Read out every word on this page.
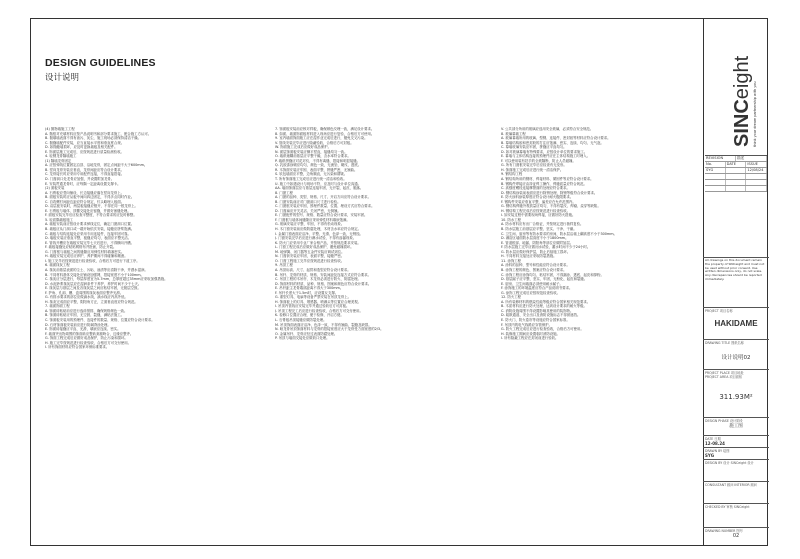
DESIGN GUIDELINES
设计说明

(4) 抛物墙施工工程

A. 抛框对充填材料应按产品说明书和部分要求施工，配合施工方认可。

B. 抛填墙表面不得有油污、灰尘，施工现场必须保持清洁干燥。

C. 抛缝墙配件安装，应当直接水平度和垂直度合规。

D. 如抛缝墙损坏，应及时更换墙板及相关配件。

E. 饰面层施工完成后，应按规范进行质量检测验收。

4. 轻钢龙骨隔墙施工

(1) 隔墙龙骨固定

A. 应按弹线位置固定沿顶、沿地龙骨，固定点间距不大于600mm。

B. 竖向龙骨安装应垂直，龙骨间距应符合设计要求。

C. 龙骨接长时应采用专用配件连接，不得直接搭接。

D. 门窗洞口处龙骨应加强，并设置附加龙骨。

E. 安装贯通龙骨时，应每隔一定距离设置支撑卡。

(2) 面板安装

A. 石膏板应竖向铺设，长边接缝应落在竖向龙骨上。

B. 面板安装时应从板中间向四边固定，不得多点同时作业。

C. 自攻螺钉间距边距应符合规定，钉头略埋入板面。

D. 双层板安装时，两层板接缝应错开，不得在同一根龙骨上。

E. 石膏板与墙体、顶棚交接处应留缝，并做好嵌缝处理。

F. 面板安装完毕后应检查平整度，不符合要求的应及时修整。

5. 轻质隔墙板施工

A. 墙板安装前应按设计要求弹线定位，确定门窗洞口位置。

B. 墙板应从门洞口或一端开始依次安装，接缝应挤浆饱满。

C. 墙板与结构连接处应采用专用连接件，连接牢固可靠。

D. 墙板安装应垂直平整，板缝应均匀，表面应平整光洁。

E. 管线开槽应在墙板安装完毕七天后进行，不得横向开槽。

F. 墙板接缝处应粘贴网格布并批嵌，防止开裂。

G. 门窗框与墙板之间的缝隙应用弹性材料填塞密实。

H. 墙板安装完成后应养护，养护期间不得碰撞和剔凿。

I. 施工完毕后按规范进行检查验收，合格后方可进行下道工序。

6. 墙面抹灰工程

A. 抹灰前基层表面的尘土、污垢、油渍等应清除干净，并洒水湿润。

B. 不同材料基体交接处应铺设加强网，搭接宽度不小于100mm。

C. 抹灰应分层进行，每层厚度宜为5-7mm，总厚度超过35mm应采取加强措施。

D. 水泥砂浆抹灰层应在湿润条件下养护，养护时间不少于七天。

E. 抹灰层与基层之间及各抹灰层之间应粘结牢固，无脱层空鼓。

F. 护角、孔洞、槽、盒周围的抹灰表面应整齐光滑。

G. 有排水要求的部位应做滴水线，滴水线应内高外低。

H. 抹灰完成面应平整，阴阳角方正，立面垂直度应符合规范。

7. 墙面饰面工程

A. 饰面砖粘贴前应进行选砖预排，确保规格颜色一致。

B. 饰面砖粘贴应牢固，无空鼓、裂缝，满粘法施工。

C. 饰面板安装用的预埋件、连接件的数量、规格、位置应符合设计要求。

D. 石材饰面板安装前应进行防碱背涂处理。

E. 饰面砖接缝应平直、光滑，填嵌应连续、密实。

F. 墙面突出物周围的饰面砖应整砖套割吻合，边缘应整齐。

G. 饰面工程完成后应做好成品保护，防止污染和损坏。

H. 施工完毕按规范进行检查验收，合格后方可交付使用。

I. 所有饰面材料应符合国家环保标准要求。

7. 饰面板安装前应核对样板，确保颜色纹理一致，满足设计要求。

8. 如面、墙面饰面板材料进入现场应进行复验，合格后方可使用。

9. 室内墙面饰面施工应在湿作业完成后进行，避免交叉污染。

V. 管线安装完毕应进行隐蔽验收，合格后方可封板。

W. 饰面施工完成后应做好成品保护。

N. 面层饰面板安装应横平竖直，接缝均匀一致。

O. 墙纸裱糊前基层应平整干燥，含水率符合要求。

P. 墙纸拼缝应对花对纹，不得有离缝、搭接和明显接缝。

Q. 乳胶漆涂刷应均匀，颜色一致，无流坠、刷纹、透底。

R. 木饰面安装应牢固，表面平整，拼缝严密，无翘曲。

S. 软包墙面应平整，边角顺直，无污染和褶皱。

T. 所有饰面施工完成后应进行统一清洁和验收。

U. 施工中如遇设计与现场不符，应及时与设计单位沟通。

AA. 墙面饰面层应与基层连接牢固，无开裂、起皮、脱落。

8. 门窗工程

A. 门窗的品种、类型、规格、尺寸、开启方向应符合设计要求。

B. 门窗安装前应对门窗洞口尺寸进行检验。

C. 门窗框安装应牢固，预埋件数量、位置、埋设方式应符合要求。

D. 门窗扇应开关灵活、关闭严密，无倒翘。

E. 门窗配件的型号、规格、数量应符合设计要求，安装牢固。

F. 门窗框与墙体间缝隙应采用弹性材料填嵌饱满。

G. 玻璃安装应平整、牢固，不得有松动现象。

H. 木门窗安装前应做防腐处理，木材含水率应符合规定。

I. 金属门窗表面应洁净、平整、光滑、色泽一致，无锈蚀。

J. 门窗安装完毕后应进行淋水试验，不得有渗漏现象。

K. 防火门应采用专业厂家合格产品，并按规范要求安装。

L. 门窗工程完成后应做好成品保护，避免碰撞损坏。

M. 地弹簧、闭门器等五金件安装应调试到位。

N. 门窗套安装应牢固，表面平整，接缝严密。

O. 门窗工程施工完毕应按规范进行检查验收。

9. 吊顶工程

A. 吊顶标高、尺寸、起拱和造型应符合设计要求。

B. 吊杆、龙骨的材质、规格、安装间距及连接方式应符合要求。

C. 吊顶工程的木吊杆、木龙骨必须进行防火、防腐处理。

D. 饰面材料的材质、品种、规格、图案和颜色应符合设计要求。

E. 吊杆距主龙骨端部距离不得大于300mm。

F. 吊杆长度大于1.5m时，应设置反支撑。

G. 重型灯具、电扇等设备严禁安装在吊顶龙骨上。

H. 饰面板上的灯具、烟感器、喷淋头等位置应合理美观。

I. 吊顶内管线应安装完毕并通过验收后方可封板。

J. 吊顶工程完工后应进行检查验收，合格后方可交付使用。

K. 检修口位置应合理，便于检修，开启方便。

L. 石膏板吊顶接缝应做防裂处理。

M. 吊顶饰面表面应洁净、色泽一致，不得有翘曲、裂缝及缺损。

N. 暗龙骨吊顶饰面材料与龙骨的搭接宽度应大于龙骨受力面宽度的2/3。

O. 金属吊杆、龙骨应经过表面防腐处理。

P. 吊顶与墙面交接处应做收口处理。

V. 公共部分所用的玻璃应选用安全玻璃，必须符合安全规范。

8. 玻璃幕墙工程

A. 玻璃幕墙所用的玻璃、型钢、连接件、密封胶等材料应符合设计要求。

B. 幕墙结构胶和密封胶的打注应饱满、密实、连续、均匀、无气泡。

C. 幕墙玻璃安装应牢固，拼缝应平直均匀。

D. 如对玻璃幕墙有特殊要求，应按设计单位的要求施工。

E. 幕墙与主体结构连接的预埋件应在主体结构施工时埋入。

F. 可以使用装有扶手的全玻隔断，防止人员碰撞。

G. 所有门窗框安装完毕后应检查有无变形。

H. 饰面施工完成后应进行统一清洁保护。

9. 钢结构工程

A. 钢结构所用的钢材、焊接材料、紧固件等应符合设计要求。

B. 钢构件焊接应由持证焊工操作，焊缝质量应符合规范。

C. 高强度螺栓连接摩擦面的处理应符合要求。

D. 钢结构涂装前表面应进行除锈处理，除锈等级符合设计要求。

E. 防火涂料涂装厚度应符合设计耐火极限要求。

F. 钢构件安装应垂直平整，偏差应在允许范围内。

G. 钢结构焊缝外观质量应均匀，不得有裂纹、焊瘤、烧穿等缺陷。

H. 钢结构工程完成后应按规范进行检查验收。

I. 如安装过程中需要现场焊接，应做好防火措施。

10. 防水工程

A. 防水材料应有出厂合格证，并按规定进行抽样复验。

B. 防水层施工前基层应平整、坚实、干净、干燥。

C. 卫生间、厨房等有防水要求的房间，防水层沿墙上翻高度不小于300mm。

D. 淋浴区墙面防水层高度不小于1800mm。

E. 管道根部、地漏、阴阳角等部位应做附加层。

F. 防水层施工完毕应做闭水试验，蓄水时间不少于24小时。

G. 防水层应做好保护层，防止后续施工损坏。

H. 不同材料交接处应采取防裂措施。

11. 涂饰工程

A. 涂料的品种、型号和性能应符合设计要求。

B. 涂饰工程的颜色、图案应符合设计要求。

C. 涂饰工程应涂饰均匀、粘结牢固，不得漏涂、透底、起皮和掉粉。

D. 基层腻子应平整、坚实、牢固，无粉化、起皮和裂缝。

E. 厨房、卫生间墙面必须使用耐水腻子。

F. 涂饰施工的环境温度应符合产品说明书要求。

G. 涂饰工程完成后应按规范检查验收。

12. 防火工程

A. 所有装修材料的燃烧性能等级应符合国家相关规范要求。

B. 木质材料应进行防火处理，达到设计要求的耐火等级。

C. 消防设施周围不得设置影响其使用的装饰物。

D. 疏散通道、安全出口及消防设施标志不得被遮挡。

E. 防火门、防火卷帘等设施应符合国家标准。

F. 吊顶内的电气线路应穿管保护。

G. 防火工程完成后应进行检查验收，合格后方可使用。

H. 装修施工期间应设置临时消防设施。

I. 所有隐蔽工程应在封闭前进行验收。

SINCeight
think your dream partnership with you
REVISION	描述
No.	DATE	ISSUE
SYG	12/08/24
All drawings on this document remain the property of SINCeight and must not be used without prior consent. Use written dimensions only, do not scale. Any discrepancies should be reported immediately.
PROJECT 项目名称
HAKIDAME
DRAWING TITLE 图纸名称
设计说明02
PROJECT PLACE 项目地址
PROJECT AREA 项目面积
311.93M²
DESIGN PHASE 设计阶段
施工图
DATE 日期
12-08.24
DRAWN BY 绘图
SYG
DESIGN BY 设计 SINCeight 设计
CONSULTANT 顾问 INTERIOR 顾问
CHECKED BY 审核 SINCeight
DRAWING NUMBER 图号
02
